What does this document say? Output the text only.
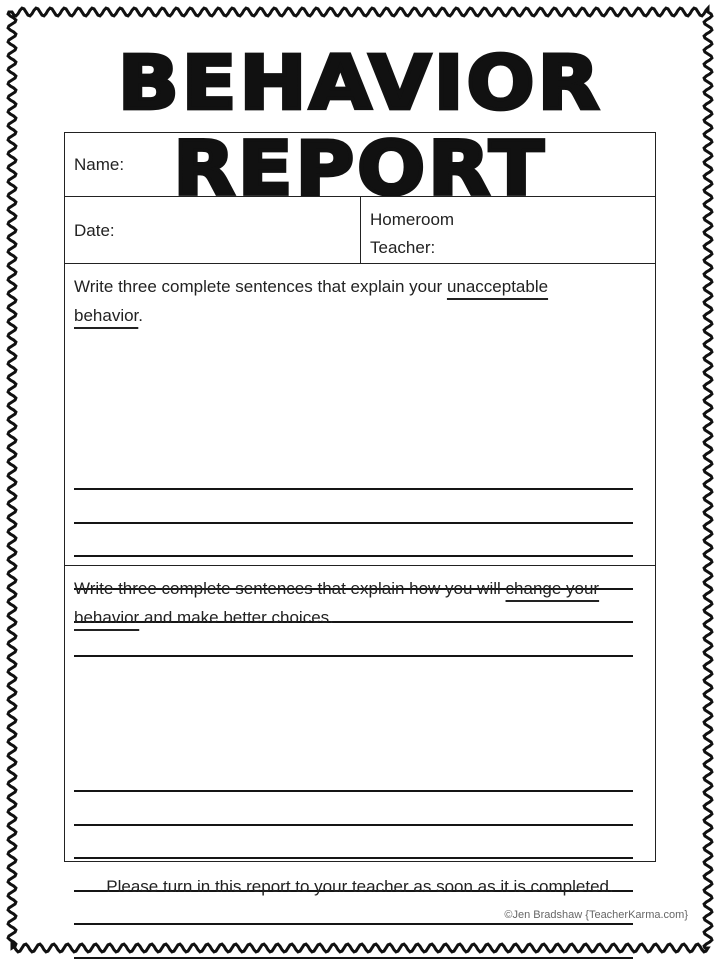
BEHAVIOR REPORT
Name:
Date:
Homeroom
Teacher:
Write three complete sentences that explain your unacceptable
behavior.
Write three complete sentences that explain how you will change your
behavior and make better choices.
Please turn in this report to your teacher as soon as it is completed.
©Jen Bradshaw {TeacherKarma.com}
